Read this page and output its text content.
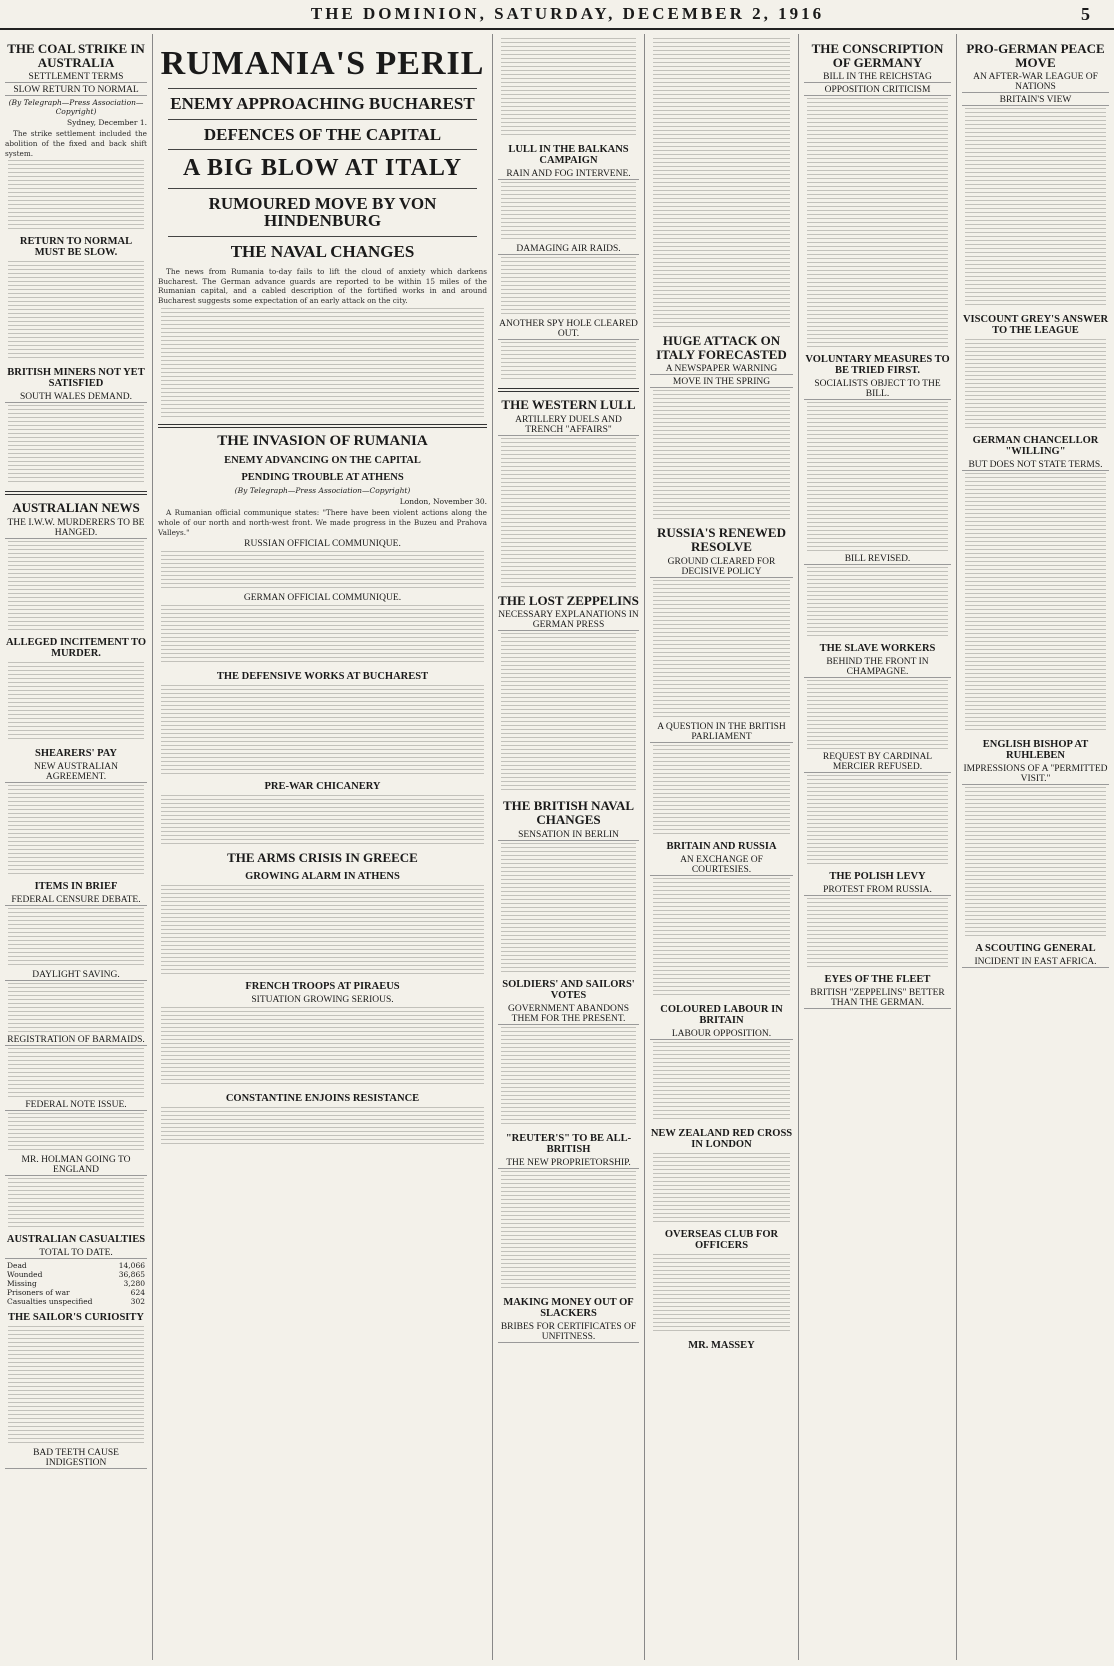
THE DOMINION, SATURDAY, DECEMBER 2, 1916	5
THE COAL STRIKE IN AUSTRALIA
SETTLEMENT TERMS
SLOW RETURN TO NORMAL
(By Telegraph—Press Association—Copyright)
Sydney, December 1.

The strike settlement included the abolition of the fixed and back shift system.

RETURN TO NORMAL MUST BE SLOW.
BRITISH MINERS NOT YET SATISFIED
SOUTH WALES DEMAND.
AUSTRALIAN NEWS
THE I.W.W. MURDERERS TO BE HANGED.
ALLEGED INCITEMENT TO MURDER.
SHEARERS' PAY
NEW AUSTRALIAN AGREEMENT.
ITEMS IN BRIEF
FEDERAL CENSURE DEBATE.
DAYLIGHT SAVING.
REGISTRATION OF BARMAIDS.
FEDERAL NOTE ISSUE.
MR. HOLMAN GOING TO ENGLAND
AUSTRALIAN CASUALTIES
TOTAL TO DATE.
Dead	14,066
Wounded	36,865
Missing	3,280
Prisoners of war	624
Casualties unspecified	302
THE SAILOR'S CURIOSITY
BAD TEETH CAUSE INDIGESTION
RUMANIA'S PERIL
ENEMY APPROACHING BUCHAREST
DEFENCES OF THE CAPITAL
A BIG BLOW AT ITALY
RUMOURED MOVE BY VON HINDENBURG
THE NAVAL CHANGES

The news from Rumania to-day fails to lift the cloud of anxiety which darkens Bucharest. The German advance guards are reported to be within 15 miles of the Rumanian capital, and a cabled description of the fortified works in and around Bucharest suggests some expectation of an early attack on the city.

THE INVASION OF RUMANIA
ENEMY ADVANCING ON THE CAPITAL
PENDING TROUBLE AT ATHENS
(By Telegraph—Press Association—Copyright)
London, November 30.

A Rumanian official communique states: "There have been violent actions along the whole of our north and north-west front. We made progress in the Buzeu and Prahova Valleys."

RUSSIAN OFFICIAL COMMUNIQUE.
GERMAN OFFICIAL COMMUNIQUE.
THE DEFENSIVE WORKS AT BUCHAREST
PRE-WAR CHICANERY
THE ARMS CRISIS IN GREECE
GROWING ALARM IN ATHENS
FRENCH TROOPS AT PIRAEUS
SITUATION GROWING SERIOUS.
CONSTANTINE ENJOINS RESISTANCE
LULL IN THE BALKANS CAMPAIGN
RAIN AND FOG INTERVENE.
DAMAGING AIR RAIDS.
ANOTHER SPY HOLE CLEARED OUT.
THE WESTERN LULL
ARTILLERY DUELS AND TRENCH "AFFAIRS"
THE LOST ZEPPELINS
NECESSARY EXPLANATIONS IN GERMAN PRESS
THE BRITISH NAVAL CHANGES
SENSATION IN BERLIN
SOLDIERS' AND SAILORS' VOTES
GOVERNMENT ABANDONS THEM FOR THE PRESENT.
"REUTER'S" TO BE ALL-BRITISH
THE NEW PROPRIETORSHIP.
MAKING MONEY OUT OF SLACKERS
BRIBES FOR CERTIFICATES OF UNFITNESS.
HUGE ATTACK ON ITALY FORECASTED
A NEWSPAPER WARNING
MOVE IN THE SPRING
RUSSIA'S RENEWED RESOLVE
GROUND CLEARED FOR DECISIVE POLICY
A QUESTION IN THE BRITISH PARLIAMENT
BRITAIN AND RUSSIA
AN EXCHANGE OF COURTESIES.
COLOURED LABOUR IN BRITAIN
LABOUR OPPOSITION.
NEW ZEALAND RED CROSS IN LONDON
OVERSEAS CLUB FOR OFFICERS
MR. MASSEY
THE CONSCRIPTION OF GERMANY
BILL IN THE REICHSTAG
OPPOSITION CRITICISM
VOLUNTARY MEASURES TO BE TRIED FIRST.
SOCIALISTS OBJECT TO THE BILL.
BILL REVISED.
THE SLAVE WORKERS
BEHIND THE FRONT IN CHAMPAGNE.
REQUEST BY CARDINAL MERCIER REFUSED.
THE POLISH LEVY
PROTEST FROM RUSSIA.
EYES OF THE FLEET
BRITISH "ZEPPELINS" BETTER THAN THE GERMAN.
PRO-GERMAN PEACE MOVE
AN AFTER-WAR LEAGUE OF NATIONS
BRITAIN'S VIEW
VISCOUNT GREY'S ANSWER TO THE LEAGUE
GERMAN CHANCELLOR "WILLING"
BUT DOES NOT STATE TERMS.
ENGLISH BISHOP AT RUHLEBEN
IMPRESSIONS OF A "PERMITTED VISIT."
A SCOUTING GENERAL
INCIDENT IN EAST AFRICA.
